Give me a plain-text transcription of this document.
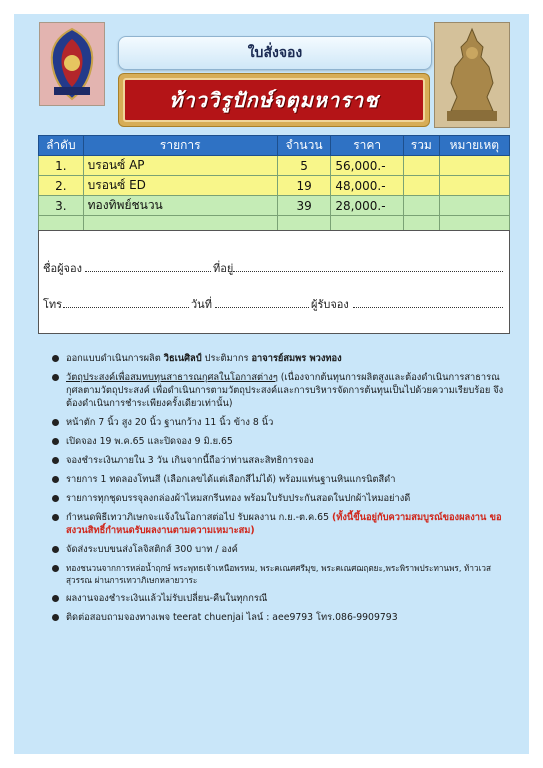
ใบสั่งจอง
ท้าววิรูปักษ์จตุมหาราช
ลำดับ	รายการ	จำนวน	ราคา	รวม	หมายเหตุ
1.	บรอนซ์ AP	5	56,000.-		
2.	บรอนซ์ ED	19	48,000.-		
3.	ทองทิพย์ชนวน	39	28,000.-		

ชื่อผู้จอง	ที่อยู่
โทร	วันที่	ผู้รับจอง
ออกแบบดำเนินการผลิต วิธเนศิลป์ ประติมากร อาจารย์สมพร พวงทอง
วัตถุประสงค์เพื่อสมทบทุนสาธารณกุศลในโอกาสต่างๆ (เนื่องจากต้นทุนการผลิตสูงและต้องดำเนินการสาธารณกุศลตามวัตถุประสงค์ เพื่อดำเนินการตามวัตถุประสงค์และการบริหารจัดการต้นทุนเป็นไปด้วยความเรียบร้อย จึงต้องดำเนินการชำระเพียงครั้งเดียวเท่านั้น)
หน้าตัก 7 นิ้ว สูง 20 นิ้ว ฐานกว้าง 11 นิ้ว ข้าง 8 นิ้ว
เปิดจอง 19 พ.ค.65 และปิดจอง 9 มิ.ย.65
จองชำระเงินภายใน 3 วัน เกินจากนี้ถือว่าท่านสละสิทธิการจอง
รายการ 1 ทดลองโทนสี (เลือกเลขได้แต่เลือกสีไม่ได้) พร้อมแท่นฐานหินแกรนิตสีดำ
รายการทุกชุดบรรจุลงกล่องผ้าไหมสกรีนทอง พร้อมใบรับประกันสอดในปกผ้าไหมอย่างดี
กำหนดพิธีเทวาภิเษกจะแจ้งในโอกาสต่อไป รับผลงาน ก.ย.-ต.ค.65 (ทั้งนี้ขึ้นอยู่กับความสมบูรณ์ของผลงาน ขอสงวนสิทธิ์กำหนดรับผลงานตามความเหมาะสม)
จัดส่งระบบขนส่งโลจิสติกส์ 300 บาท / องค์
ทองชนวนจากการหล่อน้ำฤกษ์ พระพุทธเจ้าเหนือพรหม, พระคเณศศรีมุข, พระคเณศฌฤตยะ,พระพิราพประทานพร, ท้าวเวสสุวรรณ ผ่านการเทวาภิเษกหลายวาระ
ผลงานจองชำระเงินแล้วไม่รับเปลี่ยน-คืนในทุกกรณี
ติดต่อสอบถามจองทางเพจ teerat chuenjai ไลน์ : aee9793 โทร.086-9909793
